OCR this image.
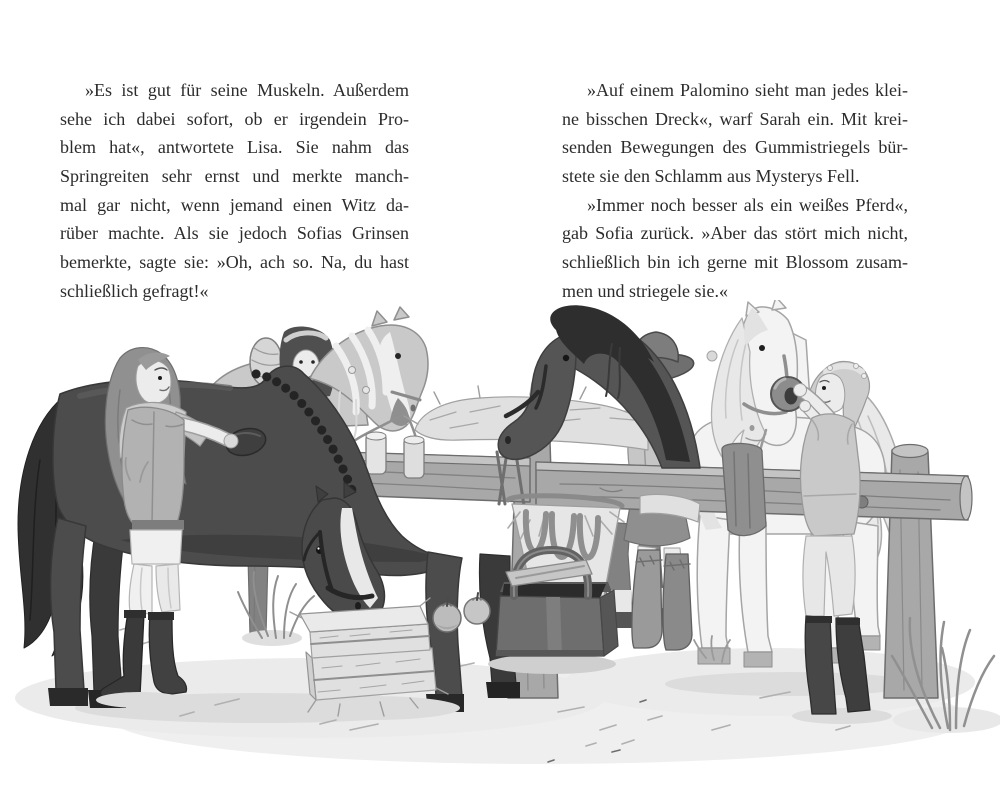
»Es ist gut für seine Muskeln. Außerdem
sehe ich dabei sofort, ob er irgendein Pro-
blem hat«, antwortete Lisa. Sie nahm das
Springreiten sehr ernst und merkte manch-
mal gar nicht, wenn jemand einen Witz da-
rüber machte. Als sie jedoch Sofias Grinsen
bemerkte, sagte sie: »Oh, ach so. Na, du hast
schließlich gefragt!«
»Auf einem Palomino sieht man jedes klei-
ne bisschen Dreck«, warf Sarah ein. Mit krei-
senden Bewegungen des Gummistriegels bür-
stete sie den Schlamm aus Mysterys Fell.
»Immer noch besser als ein weißes Pferd«,
gab Sofia zurück. »Aber das stört mich nicht,
schließlich bin ich gerne mit Blossom zusam-
men und striegele sie.«
